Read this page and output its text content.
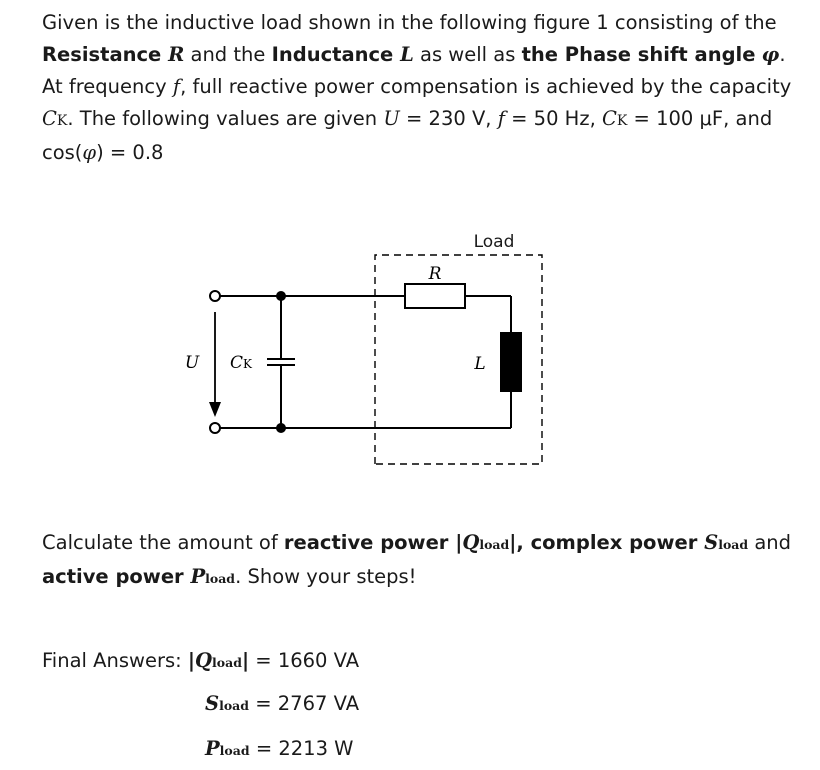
Given is the inductive load shown in the following figure 1 consisting of the Resistance R and the Inductance L as well as the Phase shift angle φ. At frequency f, full reactive power compensation is achieved by the capacity CK. The following values are given U = 230 V, f = 50 Hz, CK = 100 μF, and cos(φ) = 0.8

Load
R
L
U CK

Calculate the amount of reactive power |Qload|, complex power Sload and active power Pload. Show your steps!

Final Answers: |Qload| = 1660 VA
Sload = 2767 VA
Pload = 2213 W
